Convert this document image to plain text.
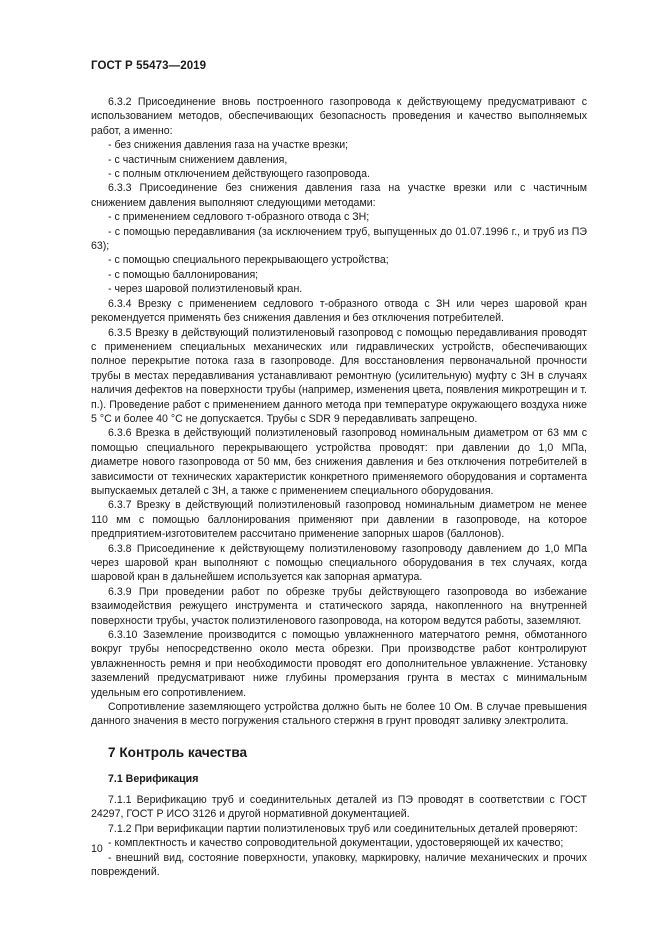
ГОСТ Р 55473—2019

6.3.2 Присоединение вновь построенного газопровода к действующему предусматривают с использованием методов, обеспечивающих безопасность проведения и качество выполняемых работ, а именно:

- без снижения давления газа на участке врезки;

- с частичным снижением давления,

- с полным отключением действующего газопровода.

6.3.3 Присоединение без снижения давления газа на участке врезки или с частичным снижением давления выполняют следующими методами:

- с применением седлового т-образного отвода с ЗН;

- с помощью передавливания (за исключением труб, выпущенных до 01.07.1996 г., и труб из ПЭ 63);

- с помощью специального перекрывающего устройства;

- с помощью баллонирования;

- через шаровой полиэтиленовый кран.

6.3.4 Врезку с применением седлового т-образного отвода с ЗН или через шаровой кран рекомендуется применять без снижения давления и без отключения потребителей.

6.3.5 Врезку в действующий полиэтиленовый газопровод с помощью передавливания проводят с применением специальных механических или гидравлических устройств, обеспечивающих полное перекрытие потока газа в газопроводе. Для восстановления первоначальной прочности трубы в местах передавливания устанавливают ремонтную (усилительную) муфту с ЗН в случаях наличия дефектов на поверхности трубы (например, изменения цвета, появления микротрещин и т. п.). Проведение работ с применением данного метода при температуре окружающего воздуха ниже 5 °С и более 40 °С не допускается. Трубы с SDR 9 передавливать запрещено.

6.3.6 Врезка в действующий полиэтиленовый газопровод номинальным диаметром от 63 мм с помощью специального перекрывающего устройства проводят: при давлении до 1,0 МПа, диаметре нового газопровода от 50 мм, без снижения давления и без отключения потребителей в зависимости от технических характеристик конкретного применяемого оборудования и сортамента выпускаемых деталей с ЗН, а также с применением специального оборудования.

6.3.7 Врезку в действующий полиэтиленовый газопровод номинальным диаметром не менее 110 мм с помощью баллонирования применяют при давлении в газопроводе, на которое предприятием-изготовителем рассчитано применение запорных шаров (баллонов).

6.3.8 Присоединение к действующему полиэтиленовому газопроводу давлением до 1,0 МПа через шаровой кран выполняют с помощью специального оборудования в тех случаях, когда шаровой кран в дальнейшем используется как запорная арматура.

6.3.9 При проведении работ по обрезке трубы действующего газопровода во избежание взаимодействия режущего инструмента и статического заряда, накопленного на внутренней поверхности трубы, участок полиэтиленового газопровода, на котором ведутся работы, заземляют.

6.3.10 Заземление производится с помощью увлажненного матерчатого ремня, обмотанного вокруг трубы непосредственно около места обрезки. При производстве работ контролируют увлажненность ремня и при необходимости проводят его дополнительное увлажнение. Установку заземлений предусматривают ниже глубины промерзания грунта в местах с минимальным удельным его сопротивлением.

Сопротивление заземляющего устройства должно быть не более 10 Ом. В случае превышения данного значения в место погружения стального стержня в грунт проводят заливку электролита.

7 Контроль качества
7.1 Верификация

7.1.1 Верификацию труб и соединительных деталей из ПЭ проводят в соответствии с ГОСТ 24297, ГОСТ Р ИСО 3126 и другой нормативной документацией.

7.1.2 При верификации партии полиэтиленовых труб или соединительных деталей проверяют:

- комплектность и качество сопроводительной документации, удостоверяющей их качество;

- внешний вид, состояние поверхности, упаковку, маркировку, наличие механических и прочих повреждений.

10
